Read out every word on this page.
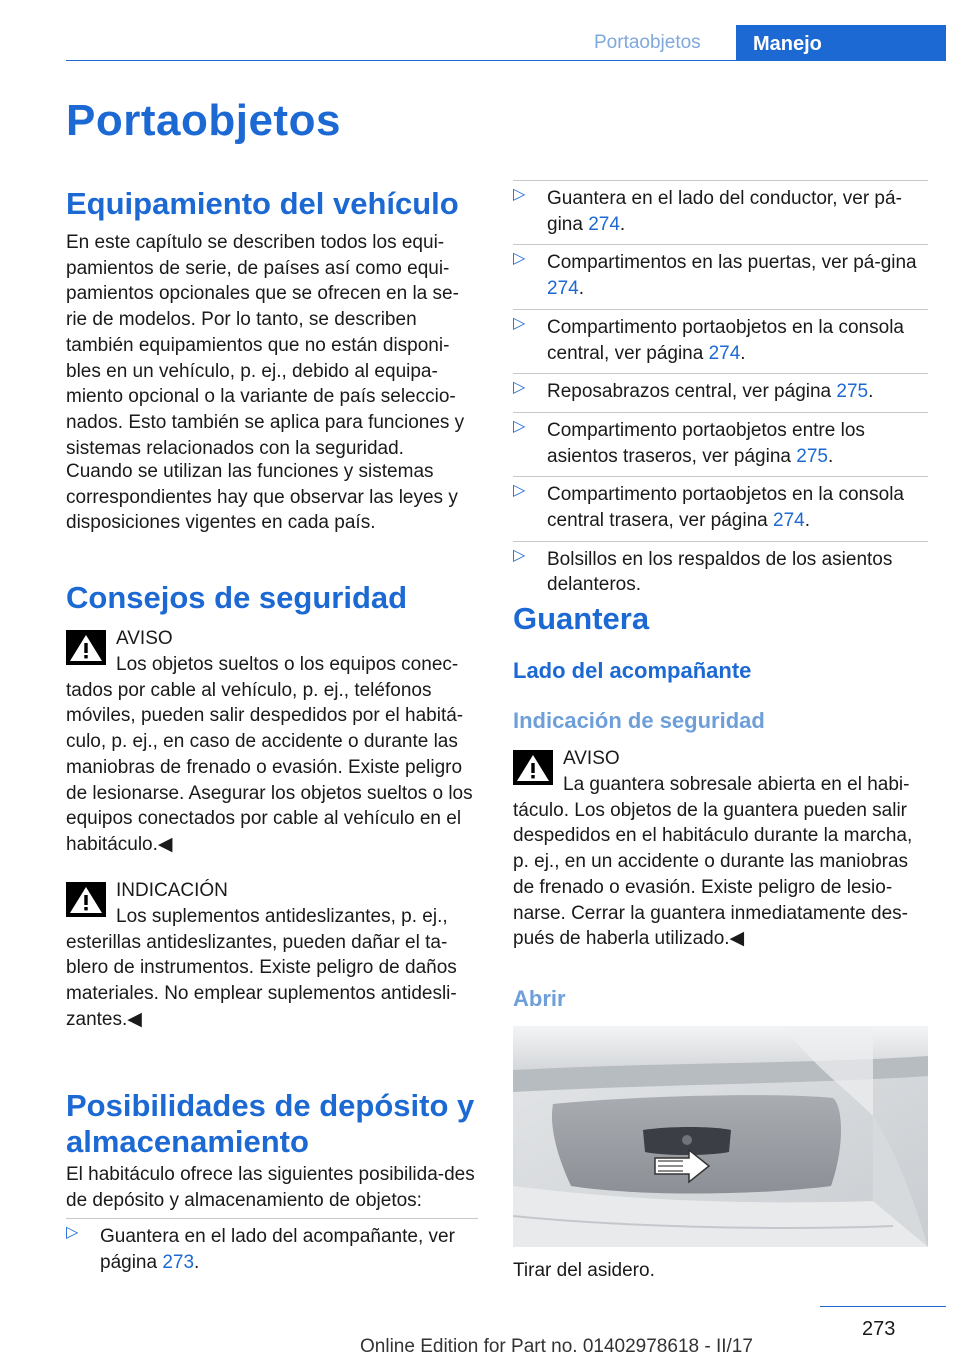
Portaobjetos	Manejo
Portaobjetos
Equipamiento del vehículo

En este capítulo se describen todos los equi-pamientos de serie, de países así como equi-pamientos opcionales que se ofrecen en la se-rie de modelos. Por lo tanto, se describen también equipamientos que no están disponi-bles en un vehículo, p. ej., debido al equipa-miento opcional o la variante de país seleccio-nados. Esto también se aplica para funciones y sistemas relacionados con la seguridad.

Cuando se utilizan las funciones y sistemas correspondientes hay que observar las leyes y disposiciones vigentes en cada país.

Consejos de seguridad
AVISO

Los objetos sueltos o los equipos conec-tados por cable al vehículo, p. ej., teléfonos móviles, pueden salir despedidos por el habitá-culo, p. ej., en caso de accidente o durante las maniobras de frenado o evasión. Existe peligro de lesionarse. Asegurar los objetos sueltos o los equipos conectados por cable al vehículo en el habitáculo.◀

INDICACIÓN

Los suplementos antideslizantes, p. ej., esterillas antideslizantes, pueden dañar el ta-blero de instrumentos. Existe peligro de daños materiales. No emplear suplementos antidesli-zantes.◀

Posibilidades de depósito y almacenamiento

El habitáculo ofrece las siguientes posibilida-des de depósito y almacenamiento de objetos:

▷ Guantera en el lado del acompañante, ver página 273.
▷ Guantera en el lado del conductor, ver pá-gina 274.
▷ Compartimentos en las puertas, ver pá-gina 274.
▷ Compartimento portaobjetos en la consola central, ver página 274.
▷ Reposabrazos central, ver página 275.
▷ Compartimento portaobjetos entre los asientos traseros, ver página 275.
▷ Compartimento portaobjetos en la consola central trasera, ver página 274.
▷ Bolsillos en los respaldos de los asientos delanteros.
Guantera
Lado del acompañante
Indicación de seguridad
AVISO

La guantera sobresale abierta en el habi-táculo. Los objetos de la guantera pueden salir despedidos en el habitáculo durante la marcha, p. ej., en un accidente o durante las maniobras de frenado o evasión. Existe peligro de lesio-narse. Cerrar la guantera inmediatamente des-pués de haberla utilizado.◀

Abrir

Tirar del asidero.

273
Online Edition for Part no. 01402978618 - II/17
